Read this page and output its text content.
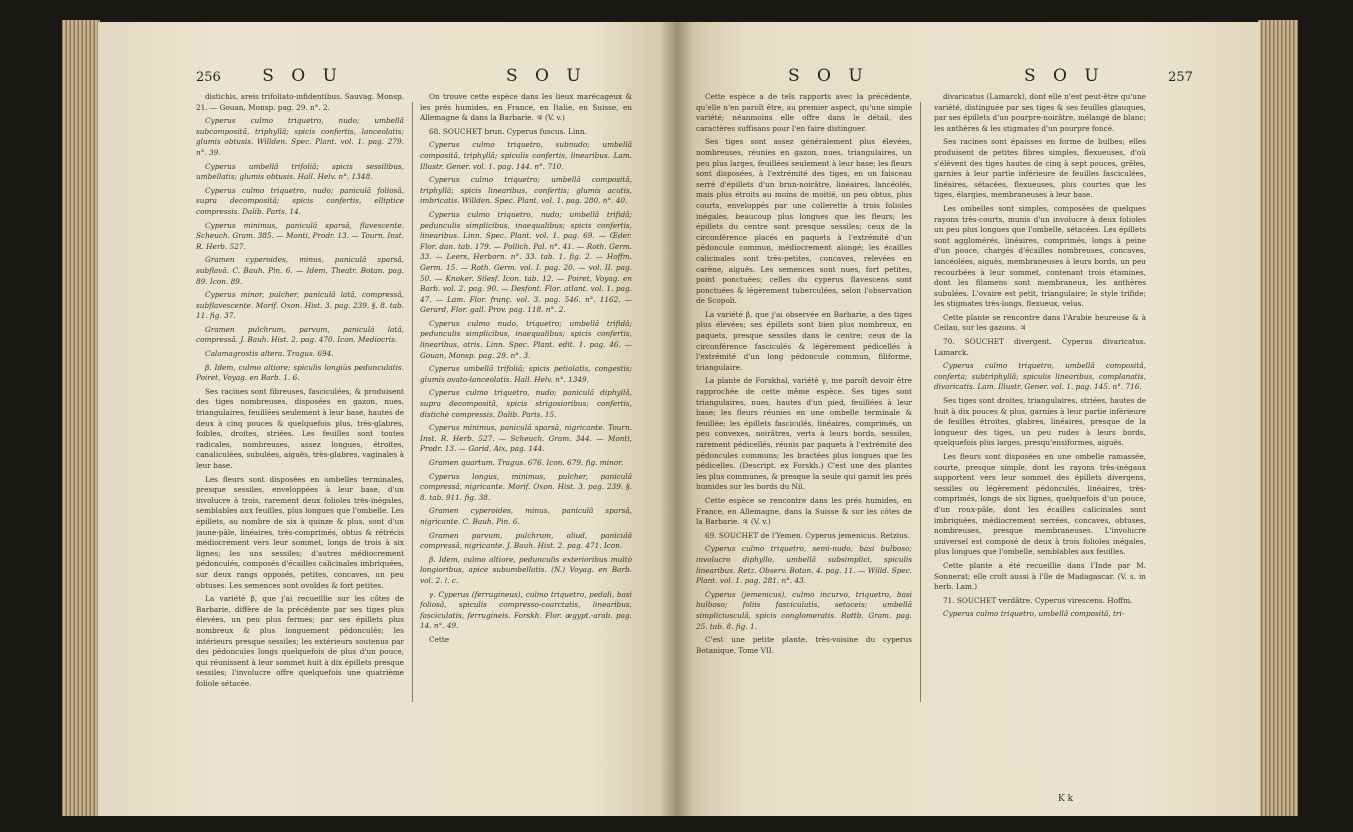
256 S O U	S O U

distichis, areis trifoliato-infidentibus. Sauvag. Monsp. 21. — Gouan, Monsp. pag. 29. n°. 2.

Cyperus culmo triquetro, nudo; umbellâ subcompositâ, triphyllâ; spicis confertis, lanceolatis; glumis obtusis. Willden. Spec. Plant. vol. 1. pag. 279. n°. 39.

Cyperus umbellâ trifoliâ; spicis sessilibus, umbellatis; glumis obtusis. Hall. Helv. n°. 1348.

Cyperus culmo triquetro, nudo; paniculâ foliosâ, supra decompositâ; spicis confertis, elliptice compressis. Dalib. Paris. 14.

Cyperus minimus, paniculâ sparsâ, flavescente. Scheuch. Gram. 385. — Monti, Prodr. 13. — Tourn. Inst. R. Herb. 527.

Gramen cyperoides, minus, paniculâ sparsâ, subflavâ. C. Bauh. Pin. 6. — Idem, Theatr. Botan. pag. 89. Icon. 89.

Cyperus minor, pulcher, paniculâ latâ, compressâ, subflavescente. Morif. Oxon. Hist. 3. pag. 239. §. 8. tab. 11. fig. 37.

Gramen pulchrum, parvum, paniculâ latâ, compressâ. J. Bauh. Hist. 2. pag. 470. Icon. Mediocris.

Calamagrostis altera. Tragus. 694.

β. Idem, culmo altiore; spiculis longiùs pedunculatis. Poiret, Voyag. en Barb. 1. 6.

Ses racines sont fibreuses, fasciculées, & produisent des tiges nombreuses, disposées en gazon, nues, triangulaires, feuillées seulement à leur base, hautes de deux à cinq pouces & quelquefois plus, très-glabres, foibles, droites, striées. Les feuilles sont toutes radicales, nombreuses, assez longues, étroites, canaliculées, subulées, aiguës, très-glabres, vaginales à leur base.

Les fleurs sont disposées en ombelles terminales, presque sessiles, enveloppées à leur base, d'un involucre à trois, rarement deux folioles très-inégales, semblables aux feuilles, plus longues que l'ombelle. Les épillets, au nombre de six à quinze & plus, sont d'un jaune-pâle, linéaires, très-comprimés, obtus & rétrécis médiocrement vers leur sommet, longs de trois à six lignes; les uns sessiles; d'autres médiocrement pédonculés, composés d'écailles calicinales imbriquées, sur deux rangs opposés, petites, concaves, un peu obtuses. Les semences sont ovoïdes & fort petites.

La variété β, que j'ai recueillie sur les côtes de Barbarie, diffère de la précédente par ses tiges plus élevées, un peu plus fermes; par ses épillets plus nombreux & plus longuement pédonculés; les intérieurs presque sessiles; les extérieurs soutenus par des pédoncules longs quelquefois de plus d'un pouce, qui réunissent à leur sommet huit à dix épillets presque sessiles; l'involucre offre quelquefois une quatrième foliole sétacée.

On trouve cette espèce dans les lieux marécageux & les prés humides, en France, en Italie, en Suisse, en Allemagne & dans la Barbarie. ♃ (V. v.)

68. SOUCHET brun. Cyperus fuscus. Linn.

Cyperus culmo triquetro, subnudo; umbellâ compositâ, triphyllâ; spiculis confertis, linearibus. Lam. Illustr. Gener. vol. 1. pag. 144. n°. 710.

Cyperus culmo triquetro; umbellâ compositâ, triphyllâ; spicis linearibus, confertis; glumis acutis, imbricatis. Willden. Spec. Plant. vol. 1. pag. 280. n°. 40.

Cyperus culmo triquetro, nudo; umbellâ trifidâ; pedunculis simplicibus, inaequalibus; spicis confertis, linearibus. Linn. Spec. Plant. vol. 1. pag. 69. — Œder. Flor. dan. tab. 179. — Pollich. Pal. n°. 41. — Roth. Germ. 33. — Leers, Herborn. n°. 33. tab. 1. fig. 2. — Hoffm. Germ. 15. — Roth. Germ. vol. I. pag. 20. — vol. II. pag. 50. — Knoker. Silesf. Icon. tab. 12. — Poiret, Voyag. en Barb. vol. 2. pag. 90. — Desfont. Flor. atlant. vol. 1. pag. 47. — Lam. Flor. franç. vol. 3. pag. 546. n°. 1162. — Gerard, Flor. gall. Prov. pag. 118. n°. 2.

Cyperus culmo nudo, triquetro; umbellâ trifidâ; pedunculis simplicibus, inaequalibus; spicis confertis, linearibus, atris. Linn. Spec. Plant. edit. 1. pag. 46. — Gouan, Monsp. pag. 29. n°. 3.

Cyperus umbellâ trifoliâ; spicis petiolatis, congestis; glumis ovato-lanceolatis. Hall. Helv. n°. 1349.

Cyperus culmo triquetro, nudo; paniculâ diphyllâ, supra decompositâ, spicis strigosioribus; confertis, distichè compressis. Dalib. Paris. 15.

Cyperus minimus, paniculâ sparsâ, nigricante. Tourn. Inst. R. Herb. 527. — Scheuch. Gram. 344. — Monti, Prodr. 13. — Garid. Aix, pag. 144.

Gramen quartum. Tragus. 676. Icon. 679. fig. minor.

Cyperus longus, minimus, pulcher, paniculâ compressâ, nigricante. Morif. Oxon. Hist. 3. pag. 239. §. 8. tab. 911. fig. 38.

Gramen cyperoides, minus, paniculâ sparsâ, nigricante. C. Bauh. Pin. 6.

Gramen parvum, pulchrum, aliud, paniculâ compressâ, nigricante. J. Bauh. Hist. 2. pag. 471. Icon.

β. Idem, culmo altiore, pedunculis exterioribus multò longioribus, apice subumbellatis. (N.) Voyag. en Barb. vol. 2. l. c.

γ. Cyperus (ferrugineus), culmo triquetro, pedali, basi foliosâ, spiculis compresso-coarctatis, linearibus, fasciculatis, ferrugineis. Forskh. Flor. ægypt.-arab. pag. 14. n°. 49.

Cette

S O U	S O U	257

Cette espèce a de tels rapports avec la précédente, qu'elle n'en paroît être, au premier aspect, qu'une simple variété; néanmoins elle offre dans le détail, des caractères suffisans pour l'en faire distinguer.

Ses tiges sont assez généralement plus élevées, nombreuses, réunies en gazon, nues, triangulaires, un peu plus larges, feuillées seulement à leur base; les fleurs sont disposées, à l'extrémité des tiges, en un faisceau serré d'épillets d'un brun-noirâtre, linéaires, lancéolés, mais plus étroits au moins de moitié, un peu obtus, plus courts, enveloppés par une collerette à trois folioles inégales, beaucoup plus longues que les fleurs; les épillets du centre sont presque sessiles; ceux de la circonférence placés en paquets à l'extrémité d'un pédoncule commun, médiocrement alongé; les écailles calicinales sont très-petites, concaves, relevées en carène, aiguës. Les semences sont nues, fort petites, point ponctuées; celles du cyperus flavescens sont ponctuées & légèrement tuberculées, selon l'observation de Scopoli.

La variété β, que j'ai observée en Barbarie, a des tiges plus élevées; ses épillets sont bien plus nombreux, en paquets, presque sessiles dans le centre; ceux de la circonférence fasciculés & légèrement pédicellés à l'extrémité d'un long pédoncule commun, filiforme, triangulaire.

La plante de Forskhal, variété γ, me paroît devoir être rapprochée de cette même espèce. Ses tiges sont triangulaires, nues, hautes d'un pied, feuillées à leur base; les fleurs réunies en une ombelle terminale & feuillée; les épillets fasciculés, linéaires, comprimés, un peu convexes, noirâtres, verts à leurs bords, sessiles, rarement pédicellés, réunis par paquets à l'extrémité des pédoncules communs; les bractées plus longues que les pédicelles. (Descript. ex Forskh.) C'est une des plantes les plus communes, & presque la seule qui garnit les prés humides sur les bords du Nil.

Cette espèce se rencontre dans les prés humides, en France, en Allemagne, dans la Suisse & sur les côtes de la Barbarie. ♃ (V. v.)

69. SOUCHET de l'Yemen. Cyperus jemenicus. Retzius.

Cyperus culmo triquetro, semi-nudo, basi bulboso; involucro diphyllo, umbellâ subsimplici, spiculis linearibus. Retz. Observ. Botan. 4. pag. 11. — Willd. Spec. Plant. vol. 1. pag. 281. n°. 43.

Cyperus (jemenicus), culmo incurvo, triquetro, basi bulboso; foliis fasciculatis, setaceis; umbellâ simpliciusculâ, spicis conglomeratis. Rottb. Gram. pag. 25. tab. 8. fig. 1.

C'est une petite plante, très-voisine du cyperus Botanique. Tome VII.

divaricatus (Lamarck), dont elle n'est peut-être qu'une variété, distinguée par ses tiges & ses feuilles glauques, par ses épillets d'un pourpre-noirâtre, mélangé de blanc; les anthères & les stigmates d'un pourpre foncé.

Ses racines sont épaisses en forme de bulbes; elles produisent de petites fibres simples, flexueuses, d'où s'élèvent des tiges hautes de cinq à sept pouces, grêles, garnies à leur partie inférieure de feuilles fasciculées, linéaires, sétacées, flexueuses, plus courtes que les tiges, élargies, membraneuses à leur base.

Les ombelles sont simples, composées de quelques rayons très-courts, munis d'un involucre à deux folioles un peu plus longues que l'ombelle, sétacées. Les épillets sont agglomérés, linéaires, comprimés, longs à peine d'un pouce, chargés d'écailles nombreuses, concaves, lancéolées, aiguës, membraneuses à leurs bords, un peu recourbées à leur sommet, contenant trois étamines, dont les filamens sont membraneux, les anthères subulées. L'ovaire est petit, triangulaire; le style trifide; les stigmates très-longs, flexueux, velus.

Cette plante se rencontre dans l'Arabie heureuse & à Ceilan, sur les gazons. ♃

70. SOUCHET divergent. Cyperus divaricatus. Lamarck.

Cyperus culmo triquetro, umbellâ compositâ, conferta; subtriphyllâ; spiculis linearibus, complanatis, divaricatis. Lam. Illustr. Gener. vol. 1. pag. 145. n°. 716.

Ses tiges sont droites, triangulaires, striées, hautes de huit à dix pouces & plus, garnies à leur partie inférieure de feuilles étroites, glabres, linéaires, presque de la longueur des tiges, un peu rudes à leurs bords, quelquefois plus larges, presqu'ensiformes, aiguës.

Les fleurs sont disposées en une ombelle ramassée, courte, presque simple, dont les rayons très-inégaux supportent vers leur sommet des épillets divergens, sessiles ou légèrement pédonculés, linéaires, très-comprimés, longs de six lignes, quelquefois d'un pouce, d'un roux-pâle, dont les écailles calicinales sont imbriquées, médiocrement serrées, concaves, obtuses, nombreuses, presque membraneuses. L'involucre universel est composé de deux à trois folioles inégales, plus longues que l'ombelle, semblables aux feuilles.

Cette plante a été recueillie dans l'Inde par M. Sonnerat; elle croît aussi à l'île de Madagascar. (V. s. in herb. Lam.)

71. SOUCHET verdâtre. Cyperus virescens. Hoffm.

Cyperus culmo triquetro, umbellâ compositâ, tri-

K k
